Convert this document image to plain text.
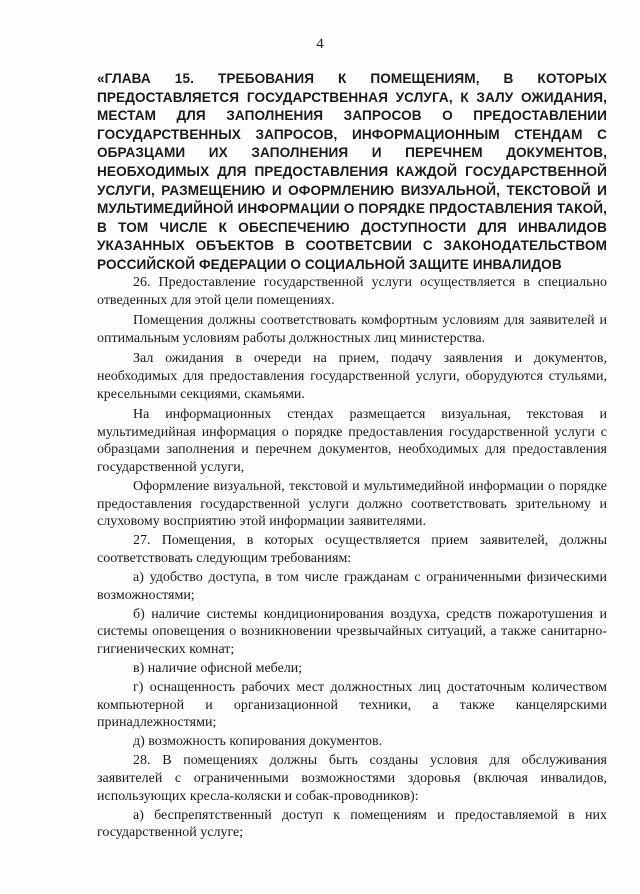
4
«ГЛАВА 15. ТРЕБОВАНИЯ К ПОМЕЩЕНИЯМ, В КОТОРЫХ ПРЕДОСТАВЛЯЕТСЯ ГОСУДАРСТВЕННАЯ УСЛУГА, К ЗАЛУ ОЖИДАНИЯ, МЕСТАМ ДЛЯ ЗАПОЛНЕНИЯ ЗАПРОСОВ О ПРЕДОСТАВЛЕНИИ ГОСУДАРСТВЕННЫХ ЗАПРОСОВ, ИНФОРМАЦИОННЫМ СТЕНДАМ С ОБРАЗЦАМИ ИХ ЗАПОЛНЕНИЯ И ПЕРЕЧНЕМ ДОКУМЕНТОВ, НЕОБХОДИМЫХ ДЛЯ ПРЕДОСТАВЛЕНИЯ КАЖДОЙ ГОСУДАРСТВЕННОЙ УСЛУГИ, РАЗМЕЩЕНИЮ И ОФОРМЛЕНИЮ ВИЗУАЛЬНОЙ, ТЕКСТОВОЙ И МУЛЬТИМЕДИЙНОЙ ИНФОРМАЦИИ О ПОРЯДКЕ ПРДОСТАВЛЕНИЯ ТАКОЙ, В ТОМ ЧИСЛЕ К ОБЕСПЕЧЕНИЮ ДОСТУПНОСТИ ДЛЯ ИНВАЛИДОВ УКАЗАННЫХ ОБЪЕКТОВ В СООТВЕТСВИИ С ЗАКОНОДАТЕЛЬСТВОМ РОССИЙСКОЙ ФЕДЕРАЦИИ О СОЦИАЛЬНОЙ ЗАЩИТЕ ИНВАЛИДОВ

26. Предоставление государственной услуги осуществляется в специально отведенных для этой цели помещениях.

Помещения должны соответствовать комфортным условиям для заявителей и оптимальным условиям работы должностных лиц министерства.

Зал ожидания в очереди на прием, подачу заявления и документов, необходимых для предоставления государственной услуги, оборудуются стульями, кресельными секциями, скамьями.

На информационных стендах размещается визуальная, текстовая и мультимедийная информация о порядке предоставления государственной услуги с образцами заполнения и перечнем документов, необходимых для предоставления государственной услуги,

Оформление визуальной, текстовой и мультимедийной информации о порядке предоставления государственной услуги должно соответствовать зрительному и слуховому восприятию этой информации заявителями.

27. Помещения, в которых осуществляется прием заявителей, должны соответствовать следующим требованиям:

а) удобство доступа, в том числе гражданам с ограниченными физическими возможностями;

б) наличие системы кондиционирования воздуха, средств пожаротушения и системы оповещения о возникновении чрезвычайных ситуаций, а также санитарно-гигиенических комнат;

в) наличие офисной мебели;

г) оснащенность рабочих мест должностных лиц достаточным количеством компьютерной и организационной техники, а также канцелярскими принадлежностями;

д) возможность копирования документов.

28. В помещениях должны быть созданы условия для обслуживания заявителей с ограниченными возможностями здоровья (включая инвалидов, использующих кресла-коляски и собак-проводников):

а) беспрепятственный доступ к помещениям и предоставляемой в них государственной услуге;
